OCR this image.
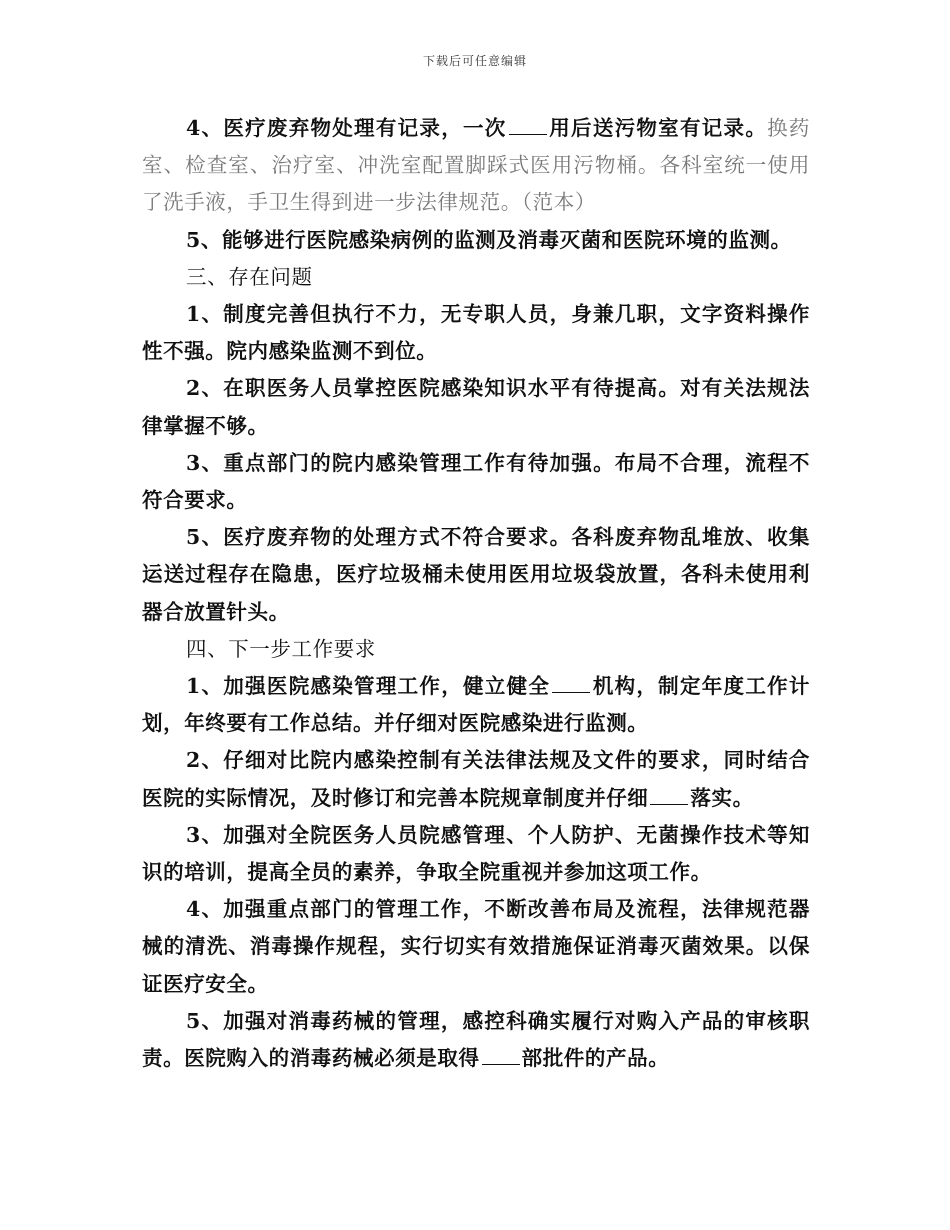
下载后可任意编辑

4、医疗废弃物处理有记录，一次 用后送污物室有记录。换药室、检查室、治疗室、冲洗室配置脚踩式医用污物桶。各科室统一使用了洗手液，手卫生得到进一步法律规范。（范本）

5、能够进行医院感染病例的监测及消毒灭菌和医院环境的监测。

三、存在问题

1、制度完善但执行不力，无专职人员，身兼几职，文字资料操作性不强。院内感染监测不到位。

2、在职医务人员掌控医院感染知识水平有待提高。对有关法规法律掌握不够。

3、重点部门的院内感染管理工作有待加强。布局不合理，流程不符合要求。

5、医疗废弃物的处理方式不符合要求。各科废弃物乱堆放、收集运送过程存在隐患，医疗垃圾桶未使用医用垃圾袋放置，各科未使用利器合放置针头。

四、下一步工作要求

1、加强医院感染管理工作，健立健全 机构，制定年度工作计划，年终要有工作总结。并仔细对医院感染进行监测。

2、仔细对比院内感染控制有关法律法规及文件的要求，同时结合医院的实际情况，及时修订和完善本院规章制度并仔细 落实。

3、加强对全院医务人员院感管理、个人防护、无菌操作技术等知识的培训，提高全员的素养，争取全院重视并参加这项工作。

4、加强重点部门的管理工作，不断改善布局及流程，法律规范器械的清洗、消毒操作规程，实行切实有效措施保证消毒灭菌效果。以保证医疗安全。

5、加强对消毒药械的管理，感控科确实履行对购入产品的审核职责。医院购入的消毒药械必须是取得 部批件的产品。
